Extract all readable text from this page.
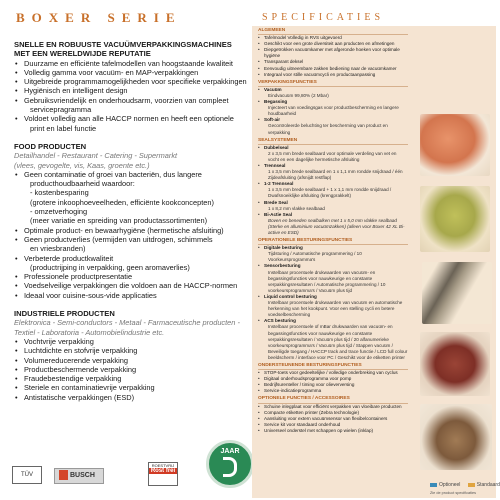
BOXER SERIE	SPECIFICATIES
SNELLE EN ROBUUSTE VACUÜMVERPAKKINGSMACHINES
MET EEN WERELDWIJDE REPUTATIE
• Duurzame en efficiënte tafelmodellen van hoogstaande kwaliteit
• Volledig gamma voor vacuüm- en MAP-verpakkingen
• Uitgebreide programmamogelijkheden voor specifieke verpakkingen
• Hygiënisch en intelligent design
• Gebruiksvriendelijk en onderhoudsarm, voorzien van compleet
servicepragramma
• Voldoet volledig aan alle HACCP normen en heeft een optionele
print en label functie
FOOD PRODUCTEN
Detailhandel - Restaurant - Catering - Supermarkt
(vlees, gevogelte, vis, Kaas, groente etc.)
• Geen contaminatie of groei van bacteriën, dus langere
producthoudbaarheid waardoor:
- kostenbesparing
(grotere inkoophoeveelheden, efficiënte kookconcepten)
- omzetverhoging
(meer variatie en spreiding van productassortimenten)
• Optimale product- en bewaarhygiëne (hermetische afsluiting)
• Geen productverlies (vermijden van uitdrogen, schimmels
en vriesbranden)
• Verbeterde productkwaliteit
(productrijping in verpakking, geen aromaverlies)
• Professionele productpresentatie
• Voedselveilige verpakkingen die voldoen aan de HACCP-normen
• Ideaal voor cuisine-sous-vide applicaties
INDUSTRIELE PRODUCTEN
Elektronica - Semi-conductors - Metaal - Farmaceutische producten -
Textiel - Laboratoria - Automobielindustrie etc.
• Vochtvrije verpakking
• Luchtdichte en stofvrije verpakking
• Volumereducerende verpakking
• Productbeschermende verpakking
• Fraudebestendige verpakking
• Steriele en contaminatievrije verpakking
• Antistatische verpakkingen (ESD)
TÜV	BUSCH
ROESTVRIJ
Rost frei
JAAR
ALGEMEEN
• Tafelmodel Volledig in RVS uitgevoerd
• Geschikt voor een grote diversiteit aan producten en afmetingen
• Diepgetrokken vacuümkamer met afgeronde hoeken voor optimale hygiëne
• Transparant deksel
• Eenvoudig uitneembare zakken bediening naar de vacuümkamer
• Integraal voor stille vacuümcycli en productaanpassing
VERPAKKINGSFUNCTIES
• Vacuüm
Eindvacuüm 99,80% (2 Mbar)
• Begassing
Injecteert van voedingsgas voor productbescherming en langere houdbaarheid
• Soft-air
Gecontroleerde beluchting ter bescherming van product en verpakking
SEALSYSTEMEN
• Dubbelseal
2 x 3,5 mm brede sealbaard voor optimale verdeling van vet en vocht en een dagelijke hermetische afsluiting
• Trennseal
1 x 3,5 mm brede sealbaard en 1 x 1,1 mm rondde snijdraad / één Zijdeafsluiting (afsnijdt restflap)
• 1-2 Trennseal
1 x 3,5 mm brede sealbaard + 1 x 1,1 mm rondde snijdraad / Dwafsnoeiklijke afsluiting (krengprakkelt)
• Brede Seal
1 x 8,2 mm vlakke sealbaad
• Bi-Actie Seal
Boven en beneden sealbalken met 1 x 5,0 mm vlakke sealbaad (Sterke en alluminium vacuümzakken) (alleen voor Boxer 42 XL Bi-active en ESD)
OPERATIONELE BESTURINGSFUNCTIES
• Digitale besturing
Tijdsturing / Automatische programmering / 10 Voorkeursprogramma's
• Sensorbesturing
Instelbaar procentuele drukwaarden van vacuüm- en begassingsfuncties voor nauwkeurige en constante verpakkingsresultaten / Automatische programmering / 10 voorkeursprogramma's / Vacuüm plus tijd
• Liquid control besturing
Instelbaar procentuele drukwaarden van vacuüm en automatische herkenning van het kookpunt. Voor een stelling cycli en betere voedselbescherming
• ACS besturing
Instelbaar procentuele of mBar drukwaarden van vacuüm- en begassingsfuncties voor nauwkeurige en constante verpakkingsresultaten / Vacuüm plus tijd / 20 alfanumerieke voorkeursprogramma's / Vacuüm plus tijd / Stappen vacuüm / Beveiligde toegang / HACCP track and trace functie / LCD full colour beeldscherm / interface voor PC / Geschikt voor de etiketten printer
ONDERSTEUNENDE BESTURINGSFUNCTIES
• STOP-toets voor gedeeltelijke / volledige onderbreking van cyclus
• Digitaal onderhoudsprogramma voor pomp
• Bedrijfsurenteller / timing voor olieverversing
• Service-indicatieprogramma
OPTIONELE FUNCTIES / ACCESSOIRES
• Schuine inlegplaat voor efficiënt verpakken van vloeibare producten
• Compacte etiketten printer (Zebra technologie)
• Aansluiting voor extern vacuümsensor van flexibelcontainers
• Service kit voor standaard onderhoud
• Universeel onderstel met schappen op wielen (inklap)
Optioneel	Standaard
Zie de product specificaties
